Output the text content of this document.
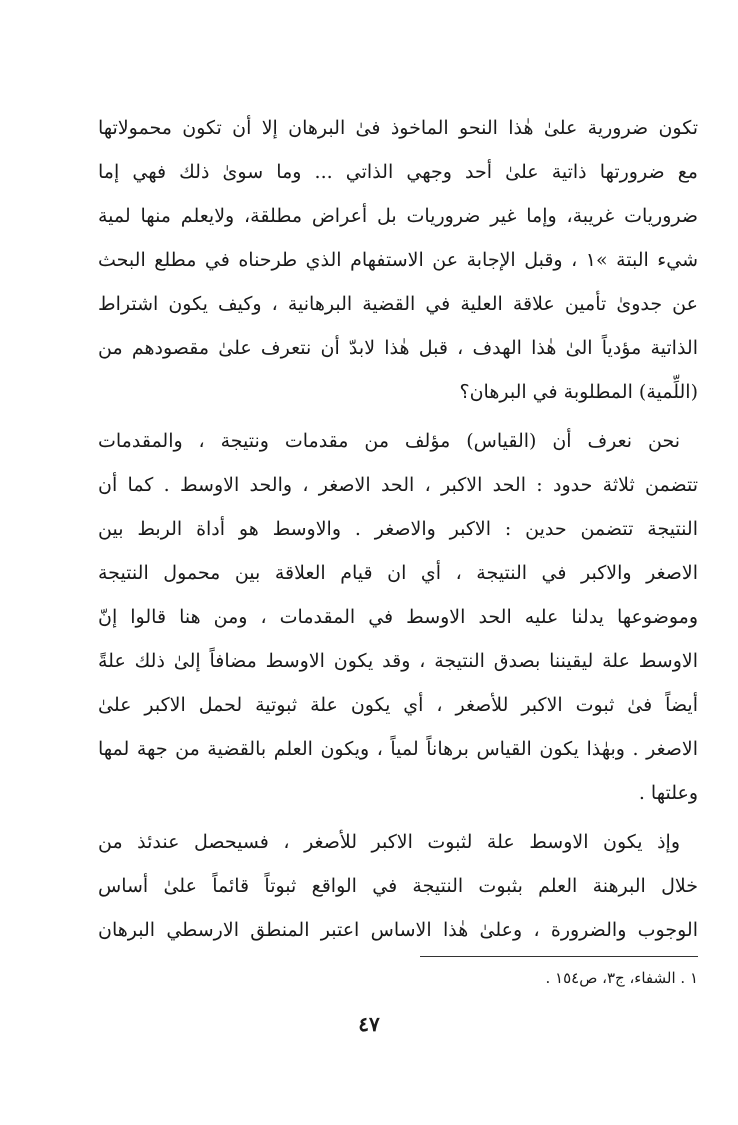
تكون ضرورية علىٰ هٰذا النحو الماخوذ فىٰ البرهان إلا أن تكون محمولاتها
مع ضرورتها ذاتية علىٰ أحد وجهي الذاتي ... وما سوىٰ ذلك فهي إما
ضروريات غريبة، وإما غير ضروريات بل أعراض مطلقة، ولايعلم منها لمية
شيء البتة »١ ، وقبل الإجابة عن الاستفهام الذي طرحناه في مطلع البحث
عن جدوىٰ تأمين علاقة العلية في القضية البرهانية ، وكيف يكون اشتراط
الذاتية مؤدياً الىٰ هٰذا الهدف ، قبل هٰذا لابدّ أن نتعرف علىٰ مقصودهم من
(اللِّمية) المطلوبة في البرهان؟
نحن نعرف أن (القياس) مؤلف من مقدمات ونتيجة ، والمقدمات
تتضمن ثلاثة حدود : الحد الاكبر ، الحد الاصغر ، والحد الاوسط . كما أن
النتيجة تتضمن حدين : الاكبر والاصغر . والاوسط هو أداة الربط بين
الاصغر والاكبر في النتيجة ، أي ان قيام العلاقة بين محمول النتيجة
وموضوعها يدلنا عليه الحد الاوسط في المقدمات ، ومن هنا قالوا إنّ
الاوسط علة ليقيننا بصدق النتيجة ، وقد يكون الاوسط مضافاً إلىٰ ذلك علةً
أيضاً فىٰ ثبوت الاكبر للأصغر ، أي يكون علة ثبوتية لحمل الاكبر علىٰ
الاصغر . وبهٰذا يكون القياس برهاناً لمياً ، ويكون العلم بالقضية من جهة لمها
وعلتها .
وإذ يكون الاوسط علة لثبوت الاكبر للأصغر ، فسيحصل عندئذ من
خلال البرهنة العلم بثبوت النتيجة في الواقع ثبوتاً قائماً علىٰ أساس
الوجوب والضرورة ، وعلىٰ هٰذا الاساس اعتبر المنطق الارسطي البرهان
١ . الشفاء، ج٣، ص١٥٤ .
٤٧
